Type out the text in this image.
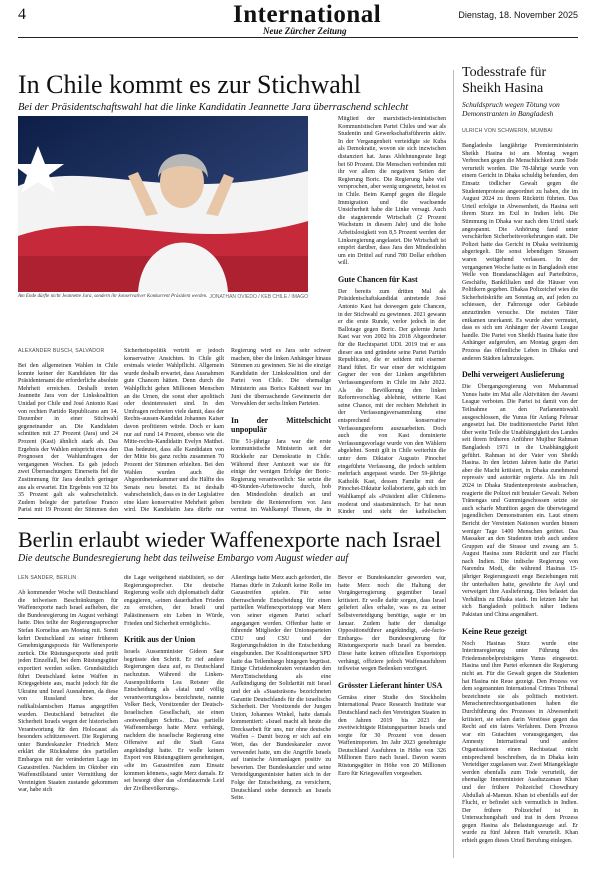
4	International
Neue Zürcher Zeitung
Dienstag, 18. November 2025
In Chile kommt es zur Stichwahl

Bei der Präsidentschaftswahl hat die linke Kandidatin Jeannette Jara überraschend schlecht

Am Ende dürfte nicht Jeannette Jara, sondern ihr konservativer Konkurrent Präsident werden. JONATHAN OVIEDO / KEB CHILE / IMAGO
ALEXANDER BUSCH, SALVADOR

Bei den allgemeinen Wahlen in Chile konnte keiner der Kandidaten für das Präsidentenamt die erforderliche absolute Mehrheit erreichen. Deshalb treten Jeannette Jara von der Linkskoalition Unidad por Chile und José Antonio Kast von rechten Partido Republicano am 14. Dezember in einer Stichwahl gegeneinander an. Die Kandidaten schnitten mit 27 Prozent (Jara) und 24 Prozent (Kast) ähnlich stark ab. Das Ergebnis der Wahlen entspricht etwa den Prognosen der Wahlumfragen der vergangenen Wochen. Es gab jedoch zwei Überraschungen: Einerseits fiel die Zustimmung für Jara deutlich geringer aus als erwartet. Ein Ergebnis von 32 bis 35 Prozent galt als wahrscheinlich. Zudem belegte der parteilose Franco Parisi mit 19 Prozent der Stimmen den

Sicherheitspolitik vertritt er jedoch konservative Ansichten. In Chile gilt erstmals wieder Wahlpflicht. Allgemein wurde deshalb erwartet, dass Ausnahmen gute Chancen hätten. Denn durch die Wahlpflicht gehen Millionen Menschen an die Urnen, die sonst eher apolitisch oder desinteressiert sind. In den Umfragen rechneten viele damit, dass der Rechts-aussen-Kandidat Johannes Kaiser davon profitieren würde. Doch er kam nur auf rund 14 Prozent, ebenso wie die Mitte-rechts-Kandidatin Evelyn Matthei. Das bedeutet, dass alle Kandidaten von der Mitte bis ganz rechts zusammen 70 Prozent der Stimmen erhielten. Bei den Wahlen wurden auch die Abgeordnetenkammer und die Hälfte des Senats neu besetzt. Es ist deshalb wahrscheinlich, dass es in der Legislative eine klare konservative Mehrheit geben wird. Die Kandidatin Jara dürfte nur

Regierung wird es Jara sehr schwer machen, über die linken Anhänger hinaus Stimmen zu gewinnen. Sie ist die einzige Kandidatin der Linkskoalition und der Partei von Chile. Die ehemalige Ministerin aus Borics Kabinett war im Juni die überraschende Gewinnerin der Vorwahlen der sechs linken Parteien.

In der Mittelschicht unpopulär

Die 51-jährige Jara war die erste kommunistische Ministerin seit der Rückkehr zur Demokratie in Chile. Während ihrer Amtszeit war sie für einige der wenigen Erfolge der Boric-Regierung verantwortlich: Sie setzte die 40-Stunden-Arbeitswoche durch, hob den Mindestlohn deutlich an und bereitete die Rentenreform vor. Jara vertrat im Wahlkampf Thesen, die in

Mitglied der marxistisch-leninistischen Kommunistischen Partei Chiles und war als Studentin und Gewerkschaftsführerin aktiv. In der Vergangenheit verteidigte sie Kuba als Demokratie, wovon sie sich inzwischen distanziert hat. Jaras Ablehnungsrate liegt bei 60 Prozent. Die Menschen verbinden mit ihr vor allem die negativen Seiten der Regierung Boric. Die Regierung habe viel versprochen, aber wenig umgesetzt, heisst es in Chile. Beim Kampf gegen die illegale Immigration und die wachsende Unsicherheit habe die Linke versagt. Auch die stagnierende Wirtschaft (2 Prozent Wachstum in diesem Jahr) und die hohe Arbeitslosigkeit von 8,5 Prozent werden der Linksregierung angelastet. Die Wirtschaft ist empört darüber, dass Jara den Mindestlohn um ein Drittel auf rund 780 Dollar erhöhen will.

Gute Chancen für Kast

Der bereits zum dritten Mal als Präsidentschaftskandidat antretende José Antonio Kast hat deswegen gute Chancen, in der Stichwahl zu gewinnen. 2021 gewann er die erste Runde, verlor jedoch in der Ballotage gegen Boric. Der gelernte Jurist Kast war von 2002 bis 2018 Abgeordneter für die Rechtspartei UDI. 2019 trat er aus dieser aus und gründete seine Partei Partido Republicano, die er seitdem mit eiserner Hand führt. Er war einer der wichtigsten Gegner der von der Linken angeführten Verfassungsreform in Chile im Jahr 2022. Als die Bevölkerung den linken Reformvorschlag ablehnte, witterte Kast seine Chance, mit der rechten Mehrheit in der Verfassungsversammlung eine entsprechend konservative Verfassungsreform auszuarbeiten. Doch auch die von Kast dominierte Verfassungsvorlage wurde von den Wählern abgelehnt. Somit gilt in Chile weiterhin die unter dem Diktator Augusto Pinochet eingeführte Verfassung, die jedoch seitdem mehrfach angepasst wurde. Der 59-jährige Katholik Kast, dessen Familie mit der Pinochet-Diktatur kollaborierte, gab sich im Wahlkampf als «Präsident aller Chilenen» moderat und staatsmännisch. Er hat neun Kinder und steht der katholischen

Todesstrafe für Sheikh Hasina

Schuldspruch wegen Tötung von Demonstranten in Bangladesh

ULRICH VON SCHWERIN, MUMBAI

Bangladeshs langjährige Premierministerin Sheikh Hasina ist am Montag wegen Verbrechen gegen die Menschlichkeit zum Tode verurteilt worden. Die 78-Jährige wurde von einem Gericht in Dhaka schuldig befunden, den Einsatz tödlicher Gewalt gegen die Studentenproteste angeordnet zu haben, die im August 2024 zu ihrem Rücktritt führten. Das Urteil erfolgte in Abwesenheit, da Hasina seit ihrem Sturz im Exil in Indien lebt. Die Stimmung in Dhaka war nach dem Urteil stark angespannt. Die Anhörung fand unter verschärften Sicherheitsvorkehrungen statt. Die Polizei hatte das Gericht in Dhaka weiträumig abgeriegelt. Die sonst lebendigen Strassen waren weitgehend verlassen. In der vergangenen Woche hatte es in Bangladesh eine Welle von Brandanschlägen auf Parteibüros, Geschäfte, Bankfilialen und die Häuser von Politikern gegeben. Dhakas Polizeichef wies die Sicherheitskräfte am Sonntag an, auf jeden zu schiessen, der Fahrzeuge oder Gebäude anzuzünden versuche. Die meisten Täter entkamen unerkannt. Es wurde aber vermutet, dass es sich um Anhänger der Awami League handle. Die Partei von Sheikh Hasina hatte ihre Anhänger aufgerufen, am Montag gegen den Prozess das öffentliche Leben in Dhaka und anderen Städten lahmzulegen.

Delhi verweigert Auslieferung

Die Übergangsregierung von Muhammad Yunus hatte im Mai alle Aktivitäten der Awami League verboten. Die Partei ist damit von der Teilnahme an den Parlamentswahl ausgeschlossen, die Yunus für Anfang Februar angesetzt hat. Die traditionsreiche Partei führt über weite Teile die Unabhängigkeit des Landes seit ihrem früheren Anführer Mujibur Rahman Bangladesh 1971 in die Unabhängigkeit geführt. Rahman ist der Vater von Sheikh Hasina. In den letzten Jahren hatte die Partei aber die Macht kritisiert, in Dhaka zunehmend repressiv und autoritär regierte. Als im Juli 2024 in Dhaka Studentenproteste ausbrachen, reagierte die Polizei mit brutaler Gewalt. Neben Tränengas und Gummigeschossen setzte sie auch scharfe Munition gegen die überwiegend jugendlichen Demonstranten ein. Laut einem Bericht der Vereinten Nationen wurden binnen weniger Tage 1400 Menschen getötet. Das Massaker an den Studenten trieb auch andere Gruppen auf die Strasse und zwang am 5. August Hasina zum Rücktritt und zur Flucht nach Indien. Die indische Regierung von Narendra Modi, die während Hasinas 15-jähriger Regierungszeit enge Beziehungen mit ihr unterhalten hatte, gewährte ihr Asyl und verweigert ihre Auslieferung. Dies belastet das Verhältnis zu Dhaka stark. Im letzten Jahr hat sich Bangladesh politisch näher Indiens Pakistan und China angenähert.

Keine Reue gezeigt

Noch Hasinas Sturz wurde eine Interimsregierung unter Führung des Friedensnobelpreisträgers Yunus eingesetzt. Hasina und ihre Partei erkennen die Regierung nicht an. Für die Gewalt gegen die Studenten hat Hasina nie Reue gezeigt. Den Prozess vor dem sogenannten International Crimes Tribunal bezeichnete sie als politisch motiviert. Menschenrechtsorganisationen haben die Durchführung des Prozesses in Abwesenheit kritisiert, sie sehen darin Verstösse gegen das Recht auf ein faires Verfahren. Dem Prozess war ein Gutachten vorausgegangen, das Amnesty International und andere Organisationen einen Rechtsstaat nicht entsprechend beschreiben, da in Dhaka kein Verteidiger zugelassen war. Zwei Mitangeklagte werden ebenfalls zum Tode verurteilt, der ehemalige Innenminister Asaduzzaman Khan und der frühere Polizeichef Chowdhury Abdullah al-Mamun. Khan ist ebenfalls auf der Flucht, er befindet sich vermutlich in Indien. Der frühere Polizeichef ist in Untersuchungshaft und trat in dem Prozess gegen Hasina als Belastungszeuge auf. Er wurde zu fünf Jahren Haft verurteilt. Khan erhielt gegen dieses Urteil Berufung einlegen.

Berlin erlaubt wieder Waffenexporte nach Israel

Die deutsche Bundesregierung hebt das teilweise Embargo vom August wieder auf

LEN SANDER, BERLIN

Ab kommender Woche will Deutschland die teilweisen Beschränkungen für Waffenexporte nach Israel aufheben, die die Bundesregierung im August verhängt hatte. Dies teilte der Regierungssprecher Stefan Kornelius am Montag mit. Somit kehrt Deutschland zu seiner früheren Genehmigungspraxis für Waffenexporte zurück. Die Rüstungsexporte sind prüft jeden Einzelfall, bei dem Rüstungsgüter exportiert werden sollen. Grundsätzlich führt Deutschland keine Waffen in Kriegsgebiete aus, macht jedoch für die Ukraine und Israel Ausnahmen, da diese von Russland bzw. der radikalislamischen Hamas angegriffen wurden. Deutschland betrachtet die Sicherheit Israels wegen der historischen Verantwortung für den Holocaust als besonders schützenswert. Die Regierung unter Bundeskanzler Friedrich Merz erklärt die Rücknahme des partiellen Embargos mit der veränderten Lage im Gazastreifen. Nachdem im Oktober ein Waffenstillstand unter Vermittlung der Vereinigten Staaten zustande gekommen war, habe sich

die Lage weitgehend stabilisiert, so der Regierungssprecher. Die deutsche Regierung wolle sich diplomatisch dafür engagieren, «einen dauerhaften Frieden zu erreichen, der Israeli und Palästinensern ein Leben in Würde, Frieden und Sicherheit ermöglicht».

Kritik aus der Union

Israels Aussenminister Gideon Saar begrüsste den Schritt. Er rief andere Regierungen dazu auf, es Deutschland nachzutun. Während die Linken-Ausenpolitikerin Lea Reisner die Entscheidung als «fatal und völlig verantwortungslos» bezeichnete, nannte Volker Beck, Vorsitzender der Deutsch-Israelischen Gesellschaft, sie einen «notwendigen Schritt». Das partielle Waffenembargo hatte Merz verhängt, nachdem die israelische Regierung eine Offensive auf die Stadt Gaza angekündigt hatte. Er wolle keinen Export von Rüstungsgütern genehmigen, «die im Gazastreifen zum Einsatz kommen können», sagte Merz damals. Er sei besorgt über das «fortdauernde Leid der Zivilbevölkerung».

Allerdings hatte Merz auch gefordert, die Hamas dürfe in Zukunft keine Rolle im Gazastreifen spielen. Für seine überraschende Entscheidung für einen partiellen Waffenexportstopp war Merz von seiner eigenen Partei scharf angegangen worden. Offenbar hatte er führende Mitglieder der Unionsparteien CDU und CSU und der Regierungsfraktion in die Entscheidung eingebunden. Der Koalitionspartner SPD hatte das Teilembargo hingegen begrüsst. Einige Christdemokraten verstanden den Merz'Entscheidung als eine Aufkündigung der Solidarität mit Israel und der als «Staatsräson» bezeichneten Garantie Deutschlands für die israelische Sicherheit. Der Vorsitzende der Jungen Union, Johannes Winkel, hatte damals kommentiert: «Israel macht alt heute die Drecksarbeit für uns, nur ohne deutsche Waffen – Damit bezog er sich auf ein Wort, das der Bundeskanzler zuvor verwendet hatte, um die Angriffe Israels auf iranische Atomanlagen positiv zu bewerten. Der Bundeskanzler und seine Verteidigungsminister hatten sich in der Folge der Entscheidung, zu versichern, Deutschland stehe dennoch an Israels Seite.

Bevor er Bundeskanzler geworden war, hatte Merz noch die Haltung der Vorgängerregierung gegenüber Israel kritisiert. Er wolle dafür sorgen, dass Israel geliefert alles erhalte, was es zu seiner Selbstverteidigung benötige, sagte er im Januar. Zudem hatte der damalige Oppositionsführer angekündigt, «de-facto-Embargo» der Bundesregierung für Rüstungsexporte nach Israel zu beenden. Diese hatte keinen offiziellen Exportstopp verhängt, offiziere jedoch Waffenausfuhren teilweise wegen Bedenken verzögert.

Grösster Lieferant hinter USA

Gemäss einer Studie des Stockholm International Peace Research Institute war Deutschland nach den Vereinigten Staaten in den Jahren 2019 bis 2023 der zweitwichtigste Rüstungspartner Israels und sorgte für 30 Prozent von dessen Waffenimporten. Im Jahr 2023 genehmigte Deutschland Ausfuhren in Höhe von 326 Millionen Euro nach Israel. Davon waren Rüstungsgüter in Höhe von 20 Millionen Euro für Kriegswaffen vorgesehen.
